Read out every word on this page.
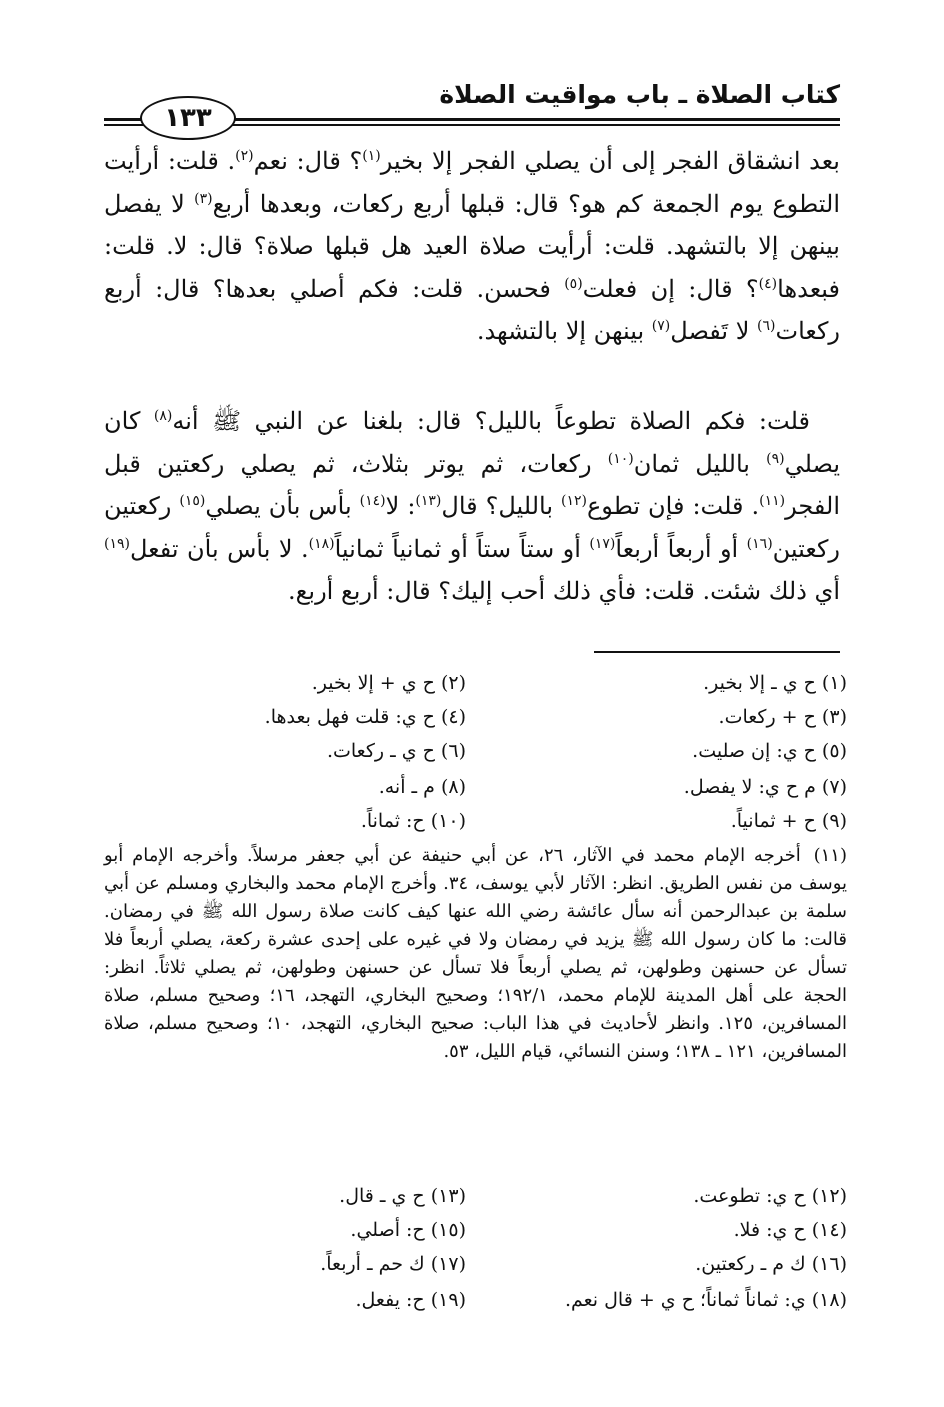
كتاب الصلاة ـ باب مواقيت الصلاة
١٣٣
بعد انشقاق الفجر إلى أن يصلي الفجر إلا بخير$^{(١)}$؟ قال: نعم$^{(٢)}$. قلت: أرأيت التطوع يوم الجمعة كم هو؟ قال: قبلها أربع ركعات، وبعدها أربع$^{(٣)}$ لا يفصل بينهن إلا بالتشهد. قلت: أرأيت صلاة العيد هل قبلها صلاة؟ قال: لا. قلت: فبعدها$^{(٤)}$؟ قال: إن فعلت$^{(٥)}$ فحسن. قلت: فكم أصلي بعدها؟ قال: أربع ركعات$^{(٦)}$ لا تَفصل$^{(٧)}$ بينهن إلا بالتشهد.
قلت: فكم الصلاة تطوعاً بالليل؟ قال: بلغنا عن النبي ﷺ أنه$^{(٨)}$ كان يصلي$^{(٩)}$ بالليل ثمان$^{(١٠)}$ ركعات، ثم يوتر بثلاث، ثم يصلي ركعتين قبل الفجر$^{(١١)}$. قلت: فإن تطوع$^{(١٢)}$ بالليل؟ قال$^{(١٣)}$: لا$^{(١٤)}$ بأس بأن يصلي$^{(١٥)}$ ركعتين ركعتين$^{(١٦)}$ أو أربعاً أربعاً$^{(١٧)}$ أو ستاً ستاً أو ثمانياً ثمانياً$^{(١٨)}$. لا بأس بأن تفعل$^{(١٩)}$ أي ذلك شئت. قلت: فأي ذلك أحب إليك؟ قال: أربع أربع.
(١) ح ي ـ إلا بخير.
(٣) ح + ركعات.
(٥) ح ي: إن صليت.
(٧) م ح ي: لا يفصل.
(٩) ح + ثمانياً.
(٢) ح ي + إلا بخير.
(٤) ح ي: قلت فهل بعدها.
(٦) ح ي ـ ركعات.
(٨) م ـ أنه.
(١٠) ح: ثماناً.
(١١) أخرجه الإمام محمد في الآثار، ٢٦، عن أبي حنيفة عن أبي جعفر مرسلاً. وأخرجه الإمام أبو يوسف من نفس الطريق. انظر: الآثار لأبي يوسف، ٣٤. وأخرج الإمام محمد والبخاري ومسلم عن أبي سلمة بن عبدالرحمن أنه سأل عائشة رضي الله عنها كيف كانت صلاة رسول الله ﷺ في رمضان. قالت: ما كان رسول الله ﷺ يزيد في رمضان ولا في غيره على إحدى عشرة ركعة، يصلي أربعاً فلا تسأل عن حسنهن وطولهن، ثم يصلي أربعاً فلا تسأل عن حسنهن وطولهن، ثم يصلي ثلاثاً. انظر: الحجة على أهل المدينة للإمام محمد، ١٩٢/١؛ وصحيح البخاري، التهجد، ١٦؛ وصحيح مسلم، صلاة المسافرين، ١٢٥. وانظر لأحاديث في هذا الباب: صحيح البخاري، التهجد، ١٠؛ وصحيح مسلم، صلاة المسافرين، ١٢١ ـ ١٣٨؛ وسنن النسائي، قيام الليل، ٥٣.
(١٢) ح ي: تطوعت.
(١٤) ح ي: فلا.
(١٦) ك م ـ ركعتين.
(١٨) ي: ثماناً ثماناً؛ ح ي + قال نعم.
(١٣) ح ي ـ قال.
(١٥) ح: أصلي.
(١٧) ك حم ـ أربعاً.
(١٩) ح: يفعل.
